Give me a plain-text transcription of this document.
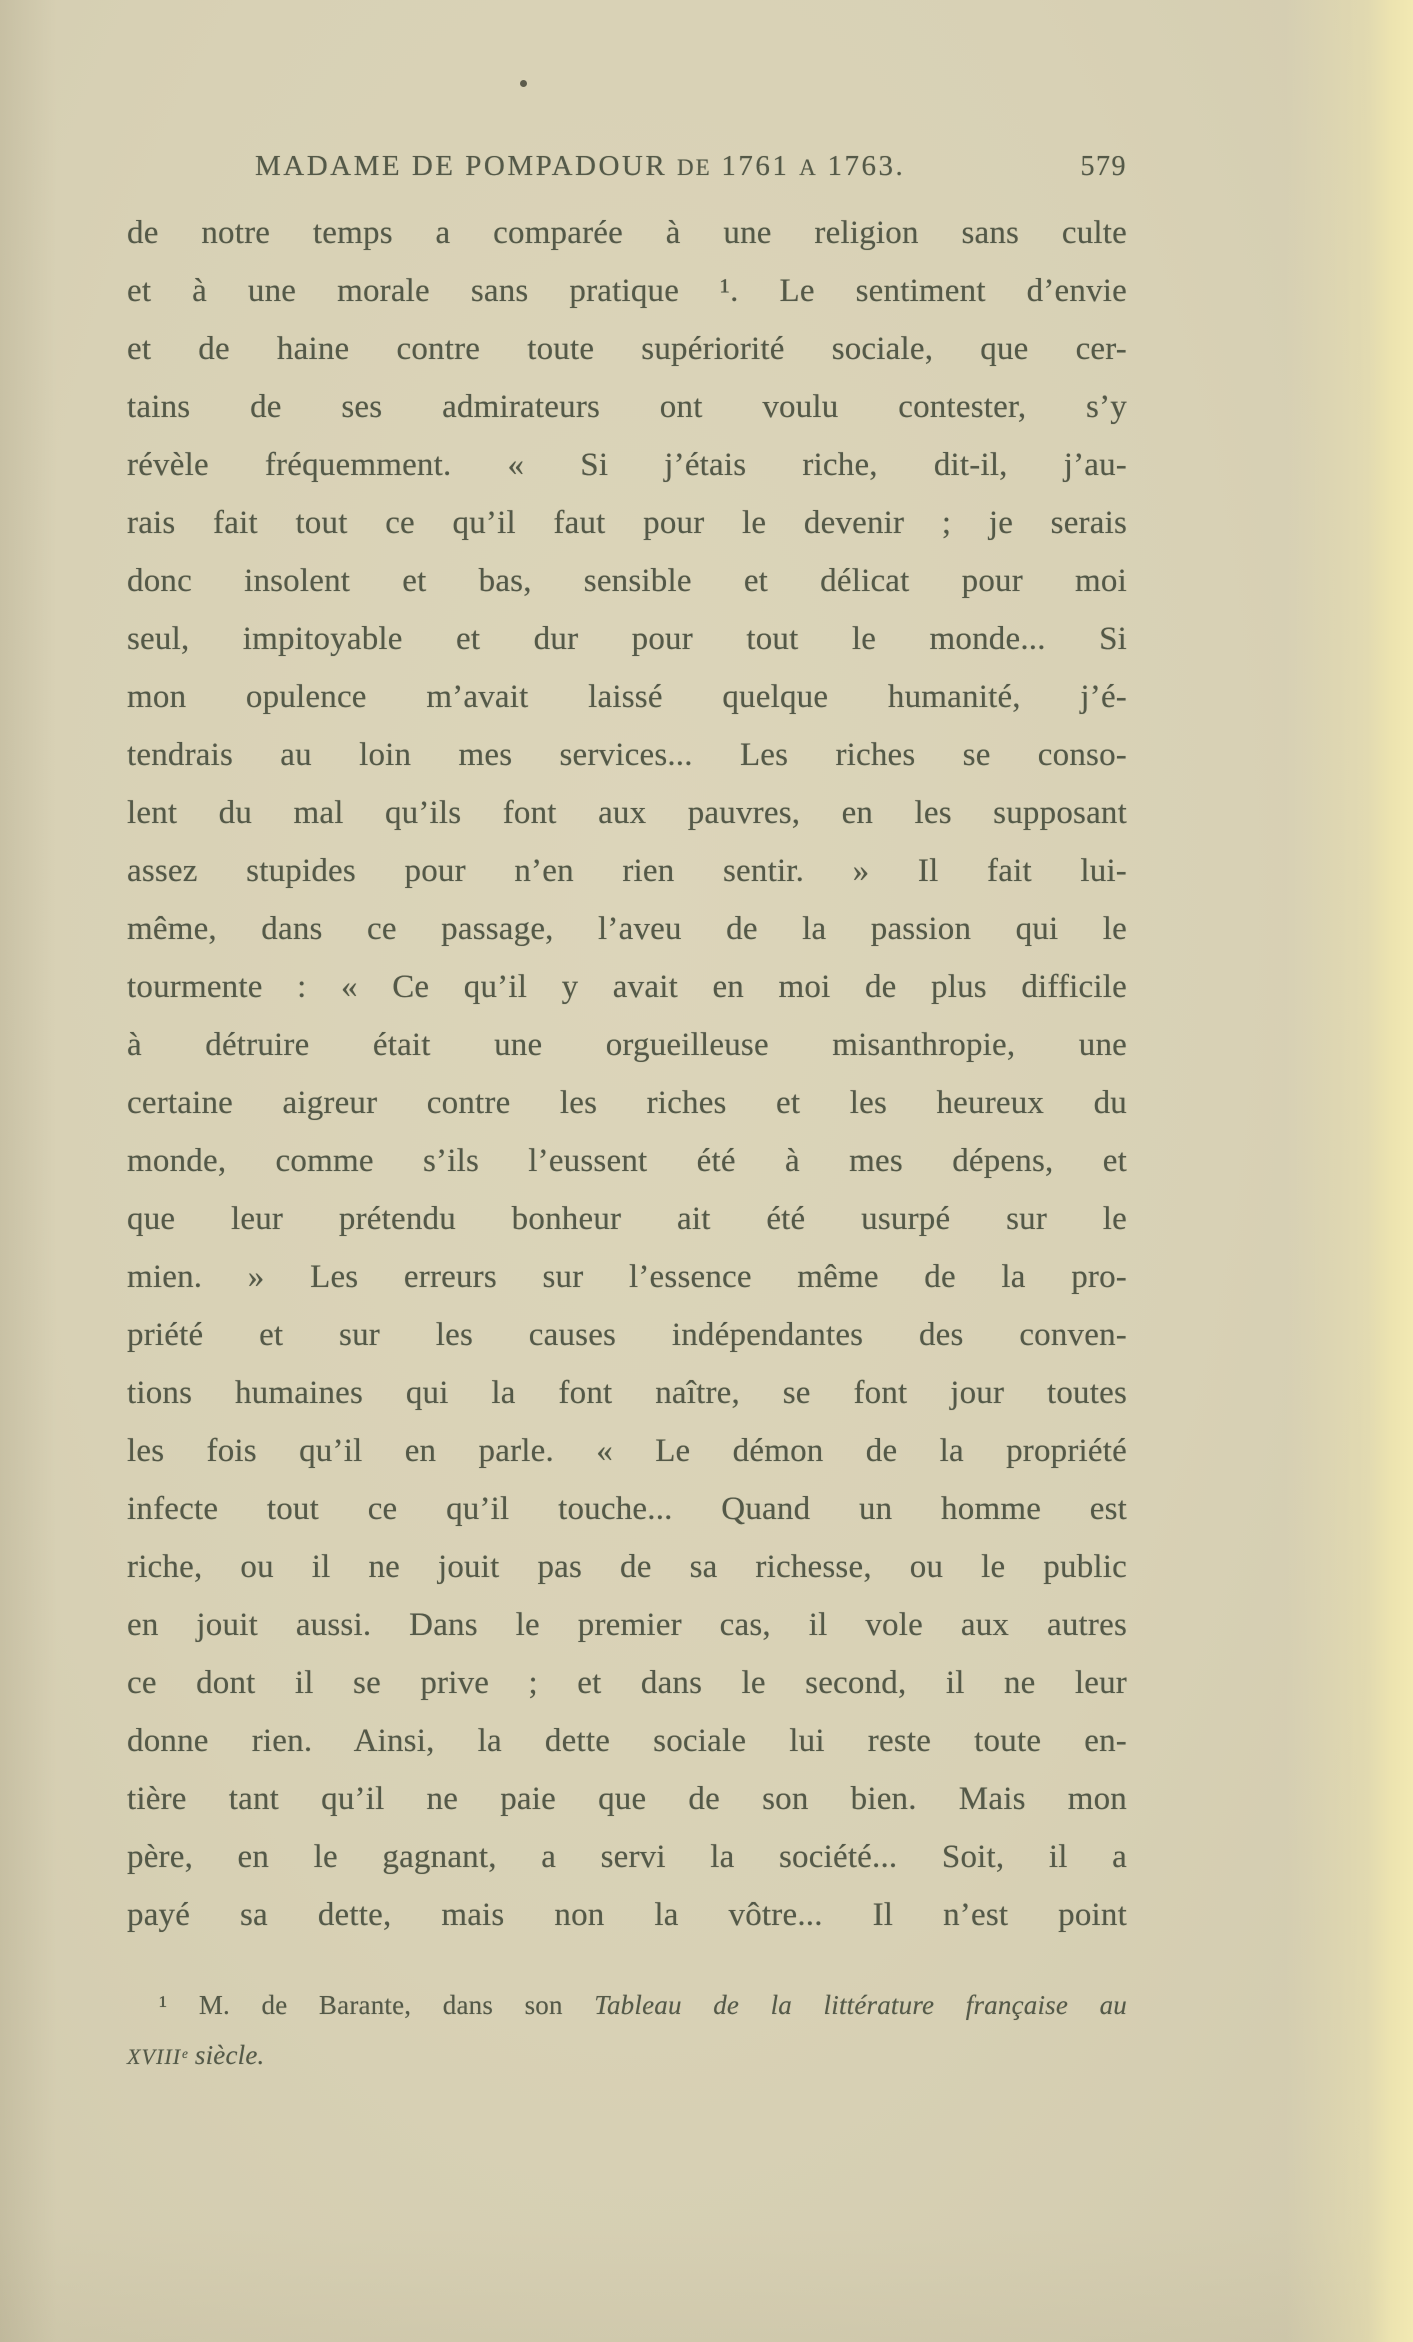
MADAME DE POMPADOUR DE 1761 A 1763.	579
de notre temps a comparée à une religion sans culte
et à une morale sans pratique ¹. Le sentiment d’envie
et de haine contre toute supériorité sociale, que cer-
tains de ses admirateurs ont voulu contester, s’y
révèle fréquemment. « Si j’étais riche, dit-il, j’au-
rais fait tout ce qu’il faut pour le devenir ; je serais
donc insolent et bas, sensible et délicat pour moi
seul, impitoyable et dur pour tout le monde... Si
mon opulence m’avait laissé quelque humanité, j’é-
tendrais au loin mes services... Les riches se conso-
lent du mal qu’ils font aux pauvres, en les supposant
assez stupides pour n’en rien sentir. » Il fait lui-
même, dans ce passage, l’aveu de la passion qui le
tourmente : « Ce qu’il y avait en moi de plus difficile
à détruire était une orgueilleuse misanthropie, une
certaine aigreur contre les riches et les heureux du
monde, comme s’ils l’eussent été à mes dépens, et
que leur prétendu bonheur ait été usurpé sur le
mien. » Les erreurs sur l’essence même de la pro-
priété et sur les causes indépendantes des conven-
tions humaines qui la font naître, se font jour toutes
les fois qu’il en parle. « Le démon de la propriété
infecte tout ce qu’il touche... Quand un homme est
riche, ou il ne jouit pas de sa richesse, ou le public
en jouit aussi. Dans le premier cas, il vole aux autres
ce dont il se prive ; et dans le second, il ne leur
donne rien. Ainsi, la dette sociale lui reste toute en-
tière tant qu’il ne paie que de son bien. Mais mon
père, en le gagnant, a servi la société... Soit, il a
payé sa dette, mais non la vôtre... Il n’est point
¹ M. de Barante, dans son Tableau de la littérature française au
XVIIIᵉ siècle.
